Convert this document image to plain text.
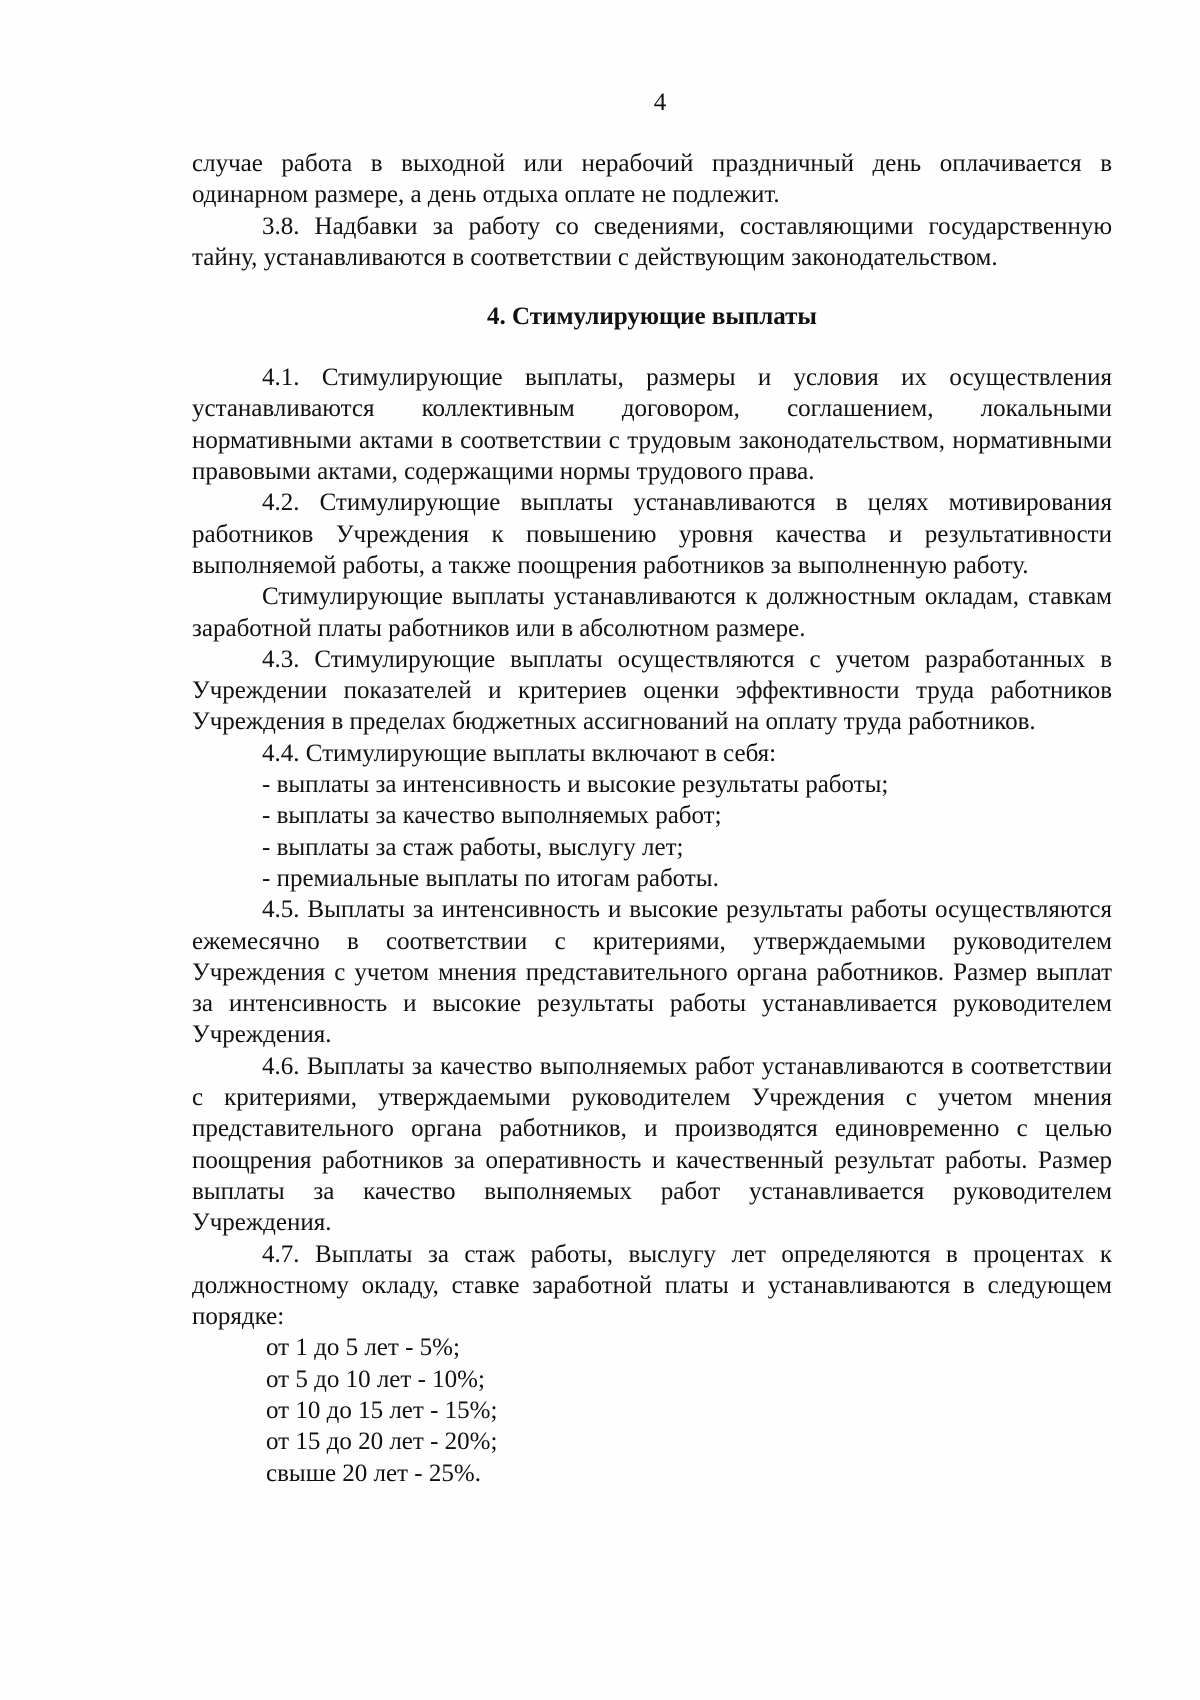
4

случае работа в выходной или нерабочий праздничный день оплачивается в одинарном размере, а день отдыха оплате не подлежит.

3.8. Надбавки за работу со сведениями, составляющими государственную тайну, устанавливаются в соответствии с действующим законодательством.

4. Стимулирующие выплаты

4.1. Стимулирующие выплаты, размеры и условия их осуществления устанавливаются коллективным договором, соглашением, локальными нормативными актами в соответствии с трудовым законодательством, нормативными правовыми актами, содержащими нормы трудового права.

4.2. Стимулирующие выплаты устанавливаются в целях мотивирования работников Учреждения к повышению уровня качества и результативности выполняемой работы, а также поощрения работников за выполненную работу.

Стимулирующие выплаты устанавливаются к должностным окладам, ставкам заработной платы работников или в абсолютном размере.

4.3. Стимулирующие выплаты осуществляются с учетом разработанных в Учреждении показателей и критериев оценки эффективности труда работников Учреждения в пределах бюджетных ассигнований на оплату труда работников.

4.4. Стимулирующие выплаты включают в себя:

- выплаты за интенсивность и высокие результаты работы;

- выплаты за качество выполняемых работ;

- выплаты за стаж работы, выслугу лет;

- премиальные выплаты по итогам работы.

4.5. Выплаты за интенсивность и высокие результаты работы осуществляются ежемесячно в соответствии с критериями, утверждаемыми руководителем Учреждения с учетом мнения представительного органа работников. Размер выплат за интенсивность и высокие результаты работы устанавливается руководителем Учреждения.

4.6. Выплаты за качество выполняемых работ устанавливаются в соответствии с критериями, утверждаемыми руководителем Учреждения с учетом мнения представительного органа работников, и производятся единовременно с целью поощрения работников за оперативность и качественный результат работы. Размер выплаты за качество выполняемых работ устанавливается руководителем Учреждения.

4.7. Выплаты за стаж работы, выслугу лет определяются в процентах к должностному окладу, ставке заработной платы и устанавливаются в следующем порядке:

от 1 до 5 лет - 5%;

от 5 до 10 лет - 10%;

от 10 до 15 лет - 15%;

от 15 до 20 лет - 20%;

свыше 20 лет - 25%.
